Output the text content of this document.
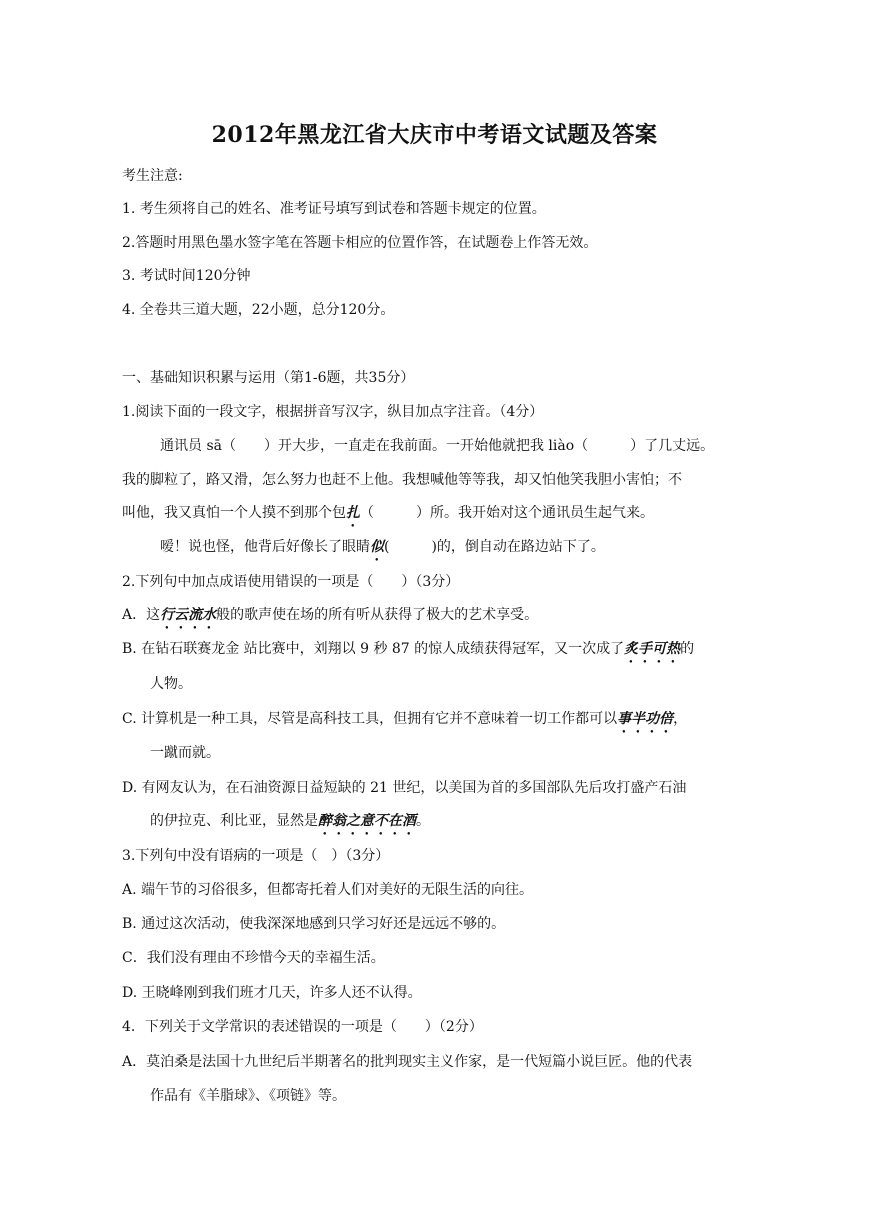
2012年黑龙江省大庆市中考语文试题及答案
考生注意:
1. 考生须将自己的姓名、准考证号填写到试卷和答题卡规定的位置。
2.答题时用黑色墨水签字笔在答题卡相应的位置作答，在试题卷上作答无效。
3. 考试时间120分钟
4. 全卷共三道大题，22小题，总分120分。
一、基础知识积累与运用（第1-6题，共35分）
1.阅读下面的一段文字，根据拼音写汉字，纵目加点字注音。（4分）
通讯员 sā（　　）开大步，一直走在我前面。一开始他就把我 liào（　　　）了几丈远。
我的脚粒了，路又滑，怎么努力也赶不上他。我想喊他等等我，却又怕他笑我胆小害怕；不
叫他，我又真怕一个人摸不到那个包扎（　　　）所。我开始对这个通讯员生起气来。
嗳！说也怪，他背后好像长了眼睛似(　　　)的，倒自动在路边站下了。
2.下列句中加点成语使用错误的一项是（　　）（3分）
A．这行云流水般的歌声使在场的所有听从获得了极大的艺术享受。
B. 在钻石联赛龙金 站比赛中，刘翔以 9 秒 87 的惊人成绩获得冠军，又一次成了炙手可热的
人物。
C. 计算机是一种工具，尽管是高科技工具，但拥有它并不意味着一切工作都可以事半功倍，
一蹴而就。
D. 有网友认为，在石油资源日益短缺的 21 世纪，以美国为首的多国部队先后攻打盛产石油
的伊拉克、利比亚，显然是醉翁之意不在酒。
3.下列句中没有语病的一项是（　）（3分）
A. 端午节的习俗很多，但都寄托着人们对美好的无限生活的向往。
B. 通过这次活动，使我深深地感到只学习好还是远远不够的。
C．我们没有理由不珍惜今天的幸福生活。
D. 王晓峰刚到我们班才几天，许多人还不认得。
4．下列关于文学常识的表述错误的一项是（　　）（2分）
A．莫泊桑是法国十九世纪后半期著名的批判现实主义作家，是一代短篇小说巨匠。他的代表
作品有《羊脂球》、《项链》等。
